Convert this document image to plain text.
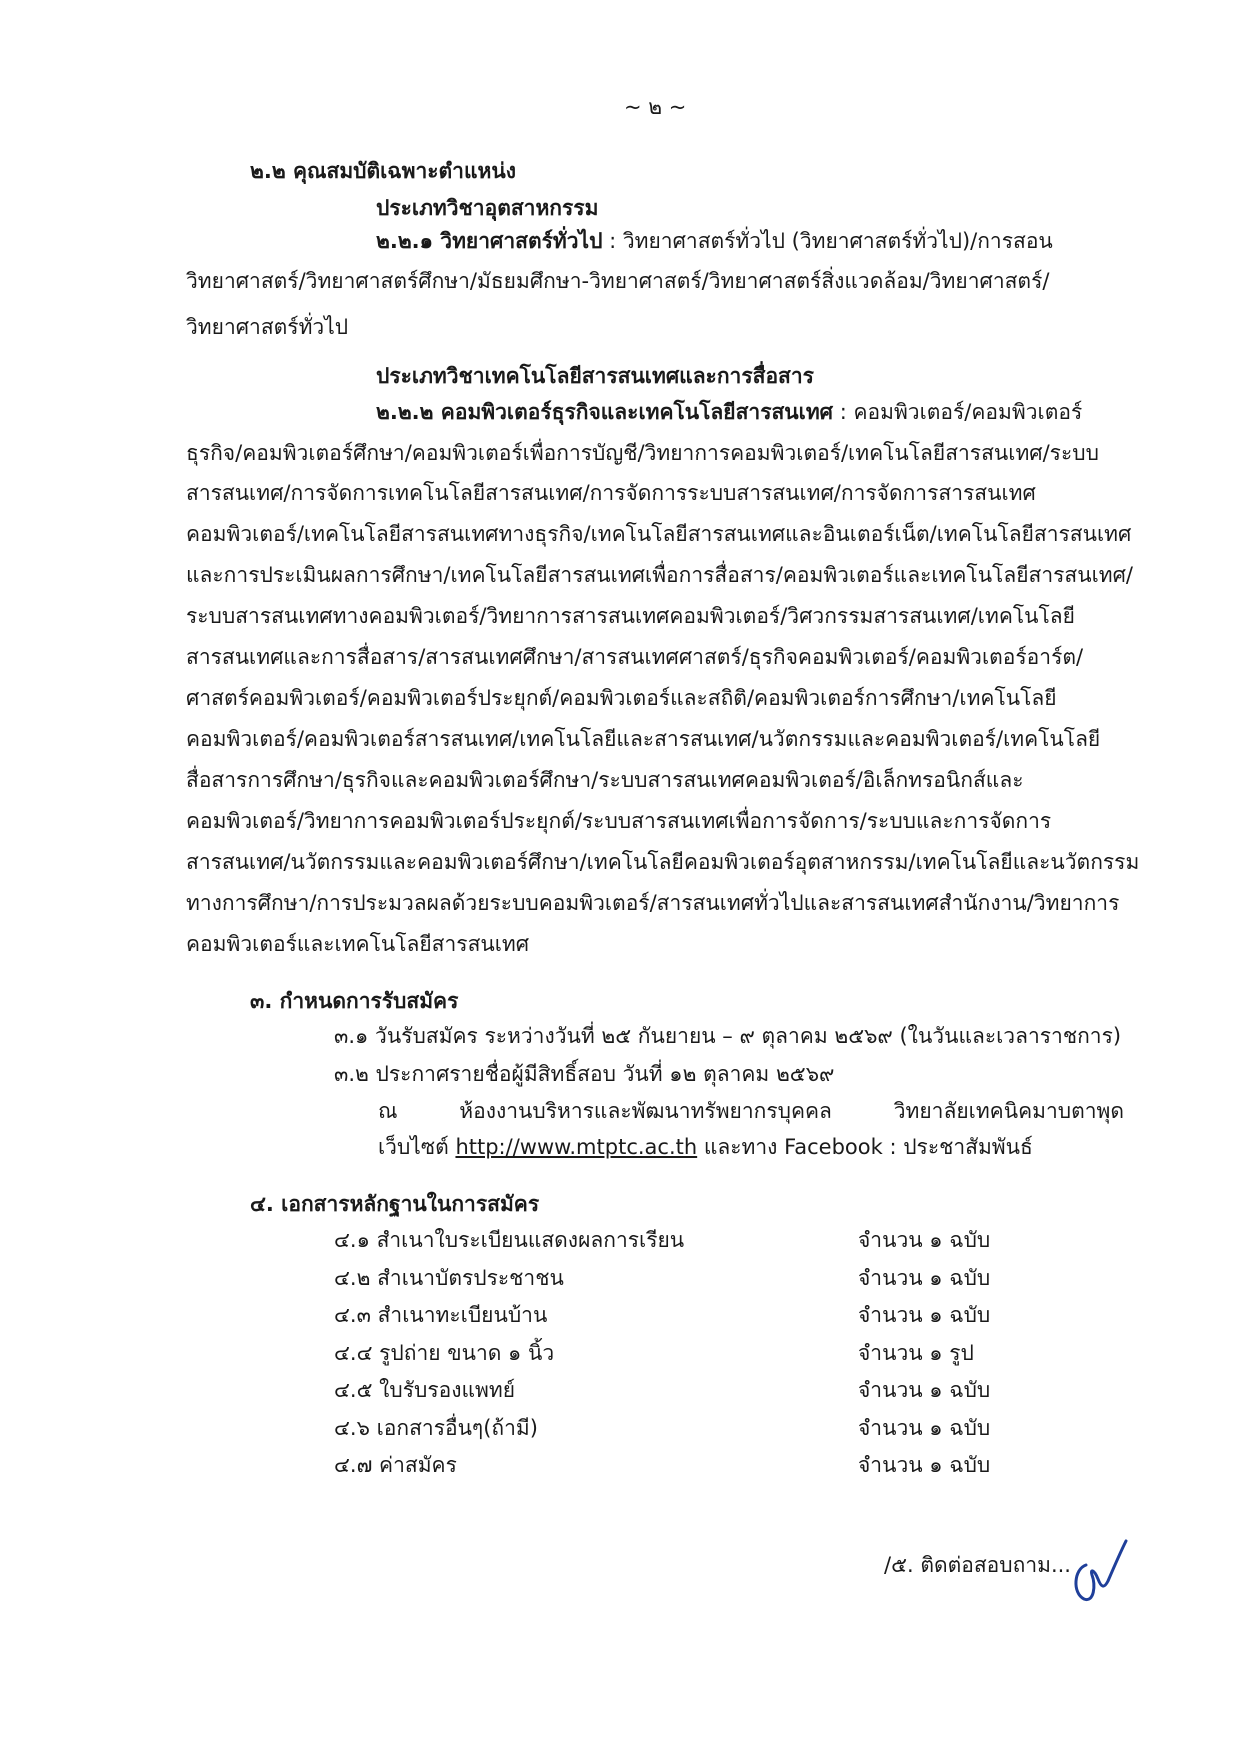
~ ๒ ~
๒.๒ คุณสมบัติเฉพาะตำแหน่ง
ประเภทวิชาอุตสาหกรรม
๒.๒.๑ วิทยาศาสตร์ทั่วไป : วิทยาศาสตร์ทั่วไป (วิทยาศาสตร์ทั่วไป)/การสอน
วิทยาศาสตร์/วิทยาศาสตร์ศึกษา/มัธยมศึกษา-วิทยาศาสตร์/วิทยาศาสตร์สิ่งแวดล้อม/วิทยาศาสตร์/
วิทยาศาสตร์ทั่วไป
ประเภทวิชาเทคโนโลยีสารสนเทศและการสื่อสาร
๒.๒.๒ คอมพิวเตอร์ธุรกิจและเทคโนโลยีสารสนเทศ : คอมพิวเตอร์/คอมพิวเตอร์
ธุรกิจ/คอมพิวเตอร์ศึกษา/คอมพิวเตอร์เพื่อการบัญชี/วิทยาการคอมพิวเตอร์/เทคโนโลยีสารสนเทศ/ระบบ
สารสนเทศ/การจัดการเทคโนโลยีสารสนเทศ/การจัดการระบบสารสนเทศ/การจัดการสารสนเทศ
คอมพิวเตอร์/เทคโนโลยีสารสนเทศทางธุรกิจ/เทคโนโลยีสารสนเทศและอินเตอร์เน็ต/เทคโนโลยีสารสนเทศ
และการประเมินผลการศึกษา/เทคโนโลยีสารสนเทศเพื่อการสื่อสาร/คอมพิวเตอร์และเทคโนโลยีสารสนเทศ/
ระบบสารสนเทศทางคอมพิวเตอร์/วิทยาการสารสนเทศคอมพิวเตอร์/วิศวกรรมสารสนเทศ/เทคโนโลยี
สารสนเทศและการสื่อสาร/สารสนเทศศึกษา/สารสนเทศศาสตร์/ธุรกิจคอมพิวเตอร์/คอมพิวเตอร์อาร์ต/
ศาสตร์คอมพิวเตอร์/คอมพิวเตอร์ประยุกต์/คอมพิวเตอร์และสถิติ/คอมพิวเตอร์การศึกษา/เทคโนโลยี
คอมพิวเตอร์/คอมพิวเตอร์สารสนเทศ/เทคโนโลยีและสารสนเทศ/นวัตกรรมและคอมพิวเตอร์/เทคโนโลยี
สื่อสารการศึกษา/ธุรกิจและคอมพิวเตอร์ศึกษา/ระบบสารสนเทศคอมพิวเตอร์/อิเล็กทรอนิกส์และ
คอมพิวเตอร์/วิทยาการคอมพิวเตอร์ประยุกต์/ระบบสารสนเทศเพื่อการจัดการ/ระบบและการจัดการ
สารสนเทศ/นวัตกรรมและคอมพิวเตอร์ศึกษา/เทคโนโลยีคอมพิวเตอร์อุตสาหกรรม/เทคโนโลยีและนวัตกรรม
ทางการศึกษา/การประมวลผลด้วยระบบคอมพิวเตอร์/สารสนเทศทั่วไปและสารสนเทศสำนักงาน/วิทยาการ
คอมพิวเตอร์และเทคโนโลยีสารสนเทศ
๓. กำหนดการรับสมัคร
๓.๑ วันรับสมัคร ระหว่างวันที่ ๒๕ กันยายน – ๙ ตุลาคม ๒๕๖๙ (ในวันและเวลาราชการ)
๓.๒ ประกาศรายชื่อผู้มีสิทธิ์สอบ วันที่ ๑๒ ตุลาคม ๒๕๖๙
ณ ห้องงานบริหารและพัฒนาทรัพยากรบุคคล วิทยาลัยเทคนิคมาบตาพุด
เว็บไซต์ http://www.mtptc.ac.th และทาง Facebook : ประชาสัมพันธ์
๔. เอกสารหลักฐานในการสมัคร
๔.๑ สำเนาใบระเบียนแสดงผลการเรียน	จำนวน ๑ ฉบับ
๔.๒ สำเนาบัตรประชาชน	จำนวน ๑ ฉบับ
๔.๓ สำเนาทะเบียนบ้าน	จำนวน ๑ ฉบับ
๔.๔ รูปถ่าย ขนาด ๑ นิ้ว	จำนวน ๑ รูป
๔.๕ ใบรับรองแพทย์	จำนวน ๑ ฉบับ
๔.๖ เอกสารอื่นๆ(ถ้ามี)	จำนวน ๑ ฉบับ
๔.๗ ค่าสมัคร	จำนวน ๑ ฉบับ
/๕. ติดต่อสอบถาม...
